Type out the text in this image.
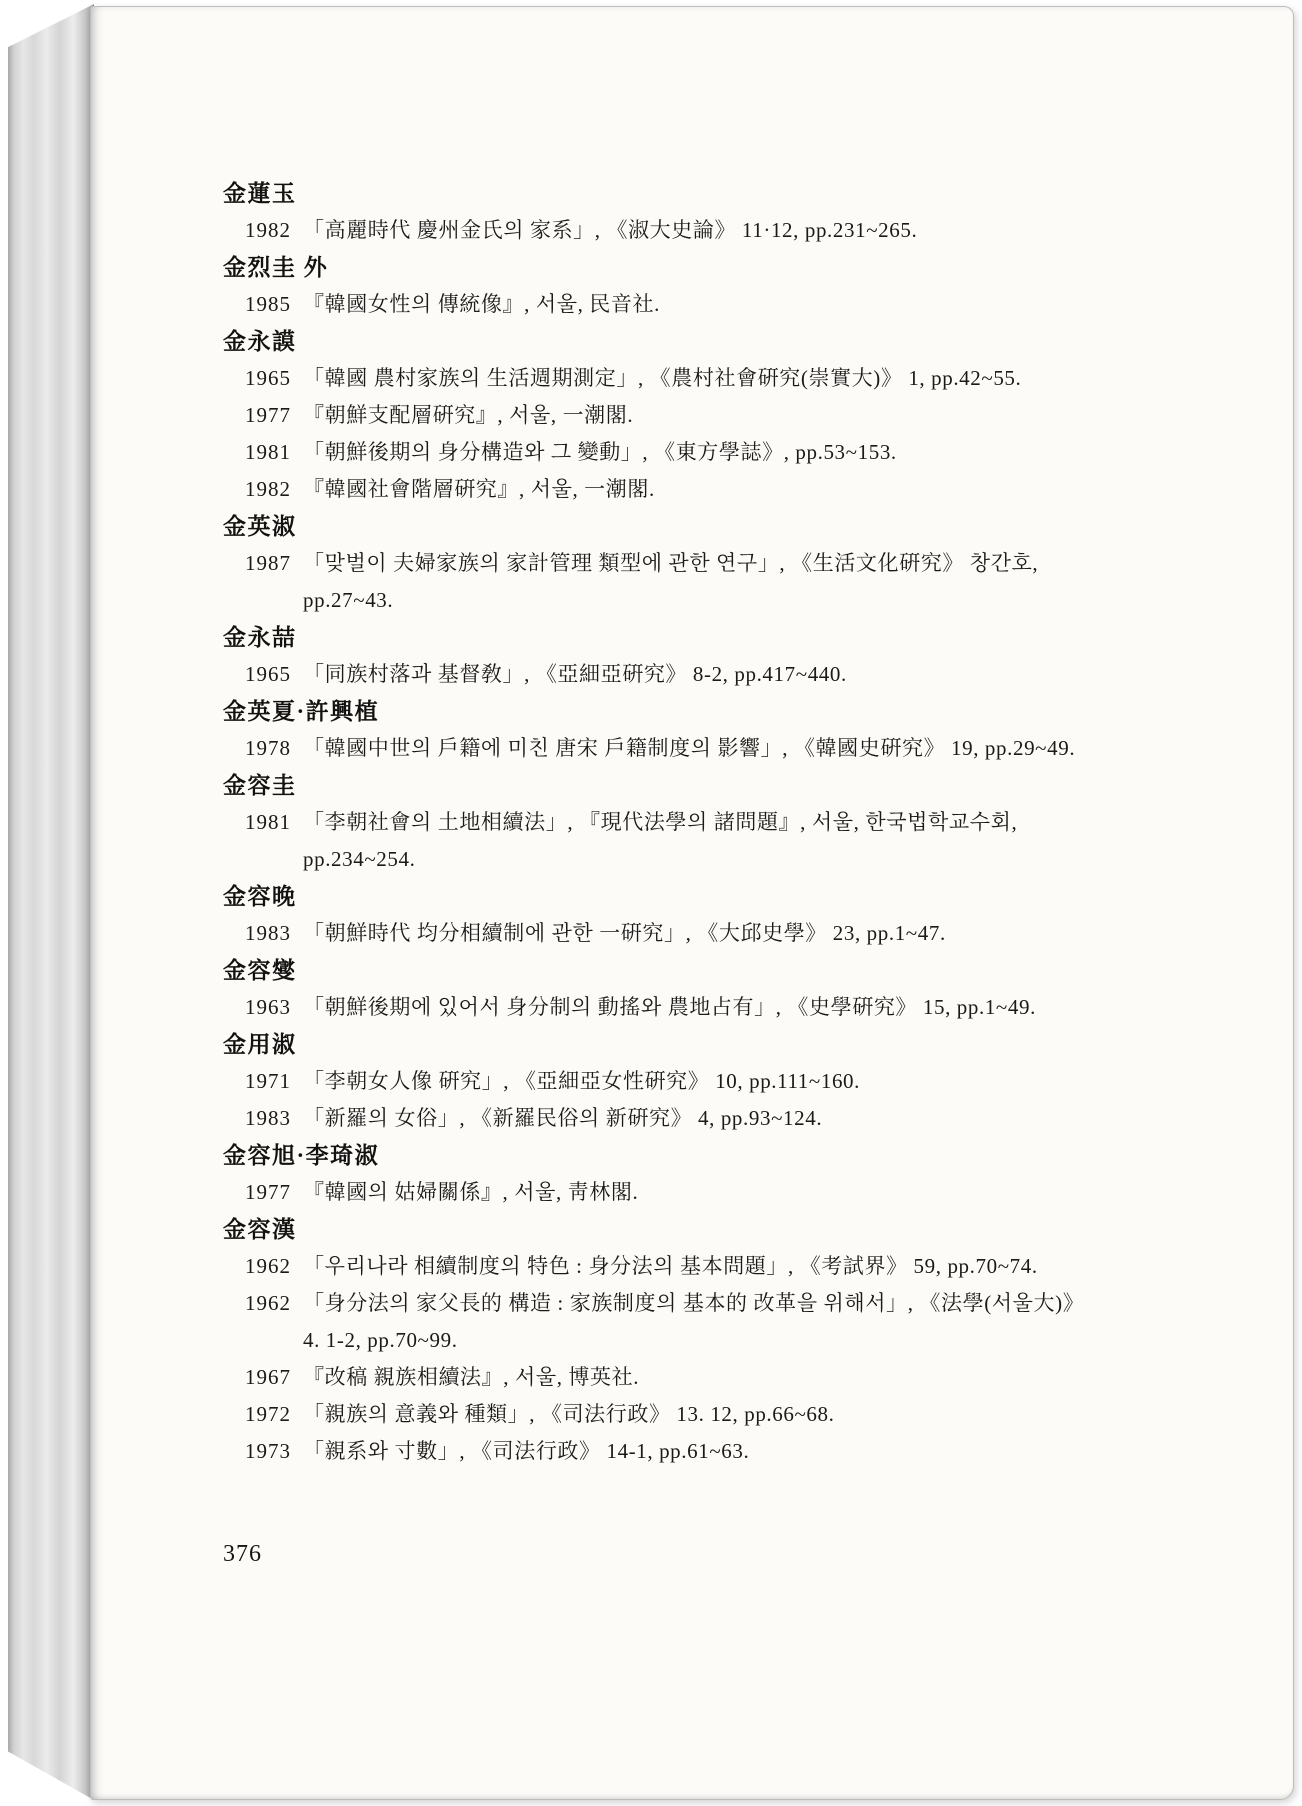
金蓮玉
1982 「高麗時代 慶州金氏의 家系」, 《淑大史論》 11·12, pp.231~265.
金烈圭 外
1985 『韓國女性의 傳統像』, 서울, 民音社.
金永謨
1965 「韓國 農村家族의 生活週期測定」, 《農村社會硏究(崇實大)》 1, pp.42~55.
1977 『朝鮮支配層硏究』, 서울, 一潮閣.
1981 「朝鮮後期의 身分構造와 그 變動」, 《東方學誌》, pp.53~153.
1982 『韓國社會階層硏究』, 서울, 一潮閣.
金英淑
1987 「맞벌이 夫婦家族의 家計管理 類型에 관한 연구」, 《生活文化硏究》 창간호, pp.27~43.
金永喆
1965 「同族村落과 基督敎」, 《亞細亞硏究》 8-2, pp.417~440.
金英夏·許興植
1978 「韓國中世의 戶籍에 미친 唐宋 戶籍制度의 影響」, 《韓國史硏究》 19, pp.29~49.
金容圭
1981 「李朝社會의 土地相續法」, 『現代法學의 諸問題』, 서울, 한국법학교수회, pp.234~254.
金容晚
1983 「朝鮮時代 均分相續制에 관한 一硏究」, 《大邱史學》 23, pp.1~47.
金容燮
1963 「朝鮮後期에 있어서 身分制의 動搖와 農地占有」, 《史學硏究》 15, pp.1~49.
金用淑
1971 「李朝女人像 硏究」, 《亞細亞女性硏究》 10, pp.111~160.
1983 「新羅의 女俗」, 《新羅民俗의 新硏究》 4, pp.93~124.
金容旭·李琦淑
1977 『韓國의 姑婦關係』, 서울, 靑林閣.
金容漢
1962 「우리나라 相續制度의 特色 : 身分法의 基本問題」, 《考試界》 59, pp.70~74.
1962 「身分法의 家父長的 構造 : 家族制度의 基本的 改革을 위해서」, 《法學(서울大)》 4. 1-2, pp.70~99.
1967 『改稿 親族相續法』, 서울, 博英社.
1972 「親族의 意義와 種類」, 《司法行政》 13. 12, pp.66~68.
1973 「親系와 寸數」, 《司法行政》 14-1, pp.61~63.
376
